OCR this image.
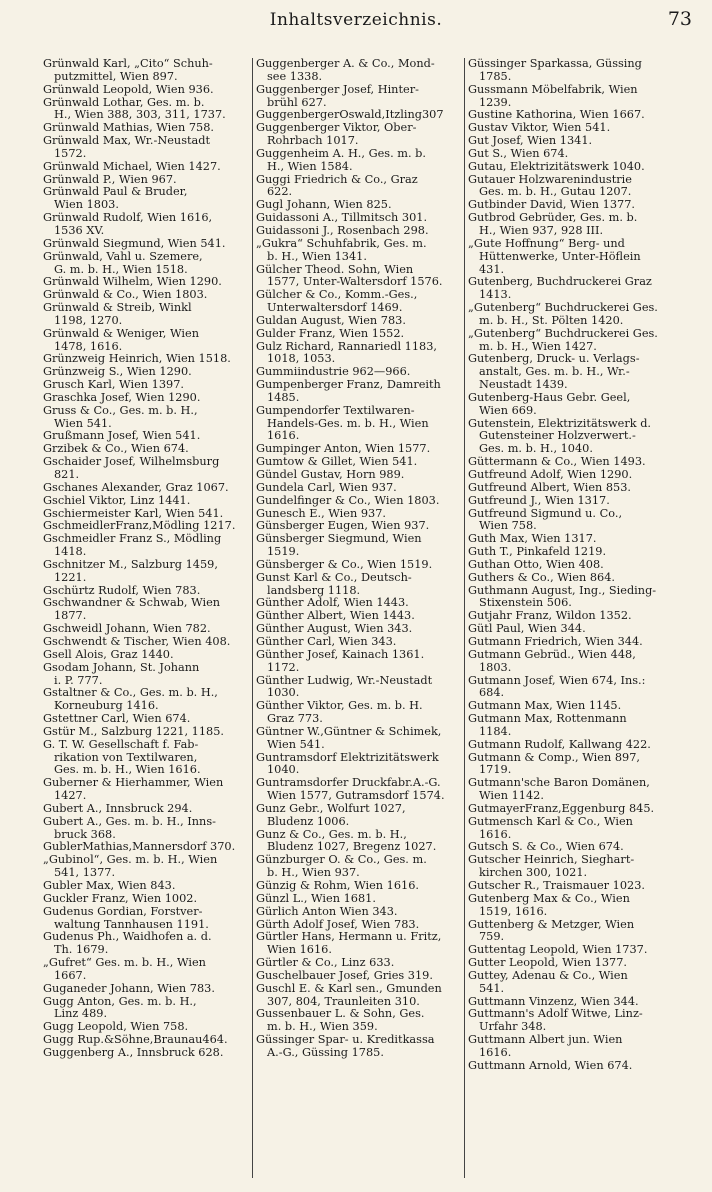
Inhaltsverzeichnis.	73

Grünwald Karl, „Cito“ Schuh-
putzmittel, Wien 897.

Grünwald Leopold, Wien 936.

Grünwald Lothar, Ges. m. b.
H., Wien 388, 303, 311, 1737.

Grünwald Mathias, Wien 758.

Grünwald Max, Wr.-Neustadt
1572.

Grünwald Michael, Wien 1427.

Grünwald P., Wien 967.

Grünwald Paul & Bruder,
Wien 1803.

Grünwald Rudolf, Wien 1616,
1536 XV.

Grünwald Siegmund, Wien 541.

Grünwald, Vahl u. Szemere,
G. m. b. H., Wien 1518.

Grünwald Wilhelm, Wien 1290.

Grünwald & Co., Wien 1803.

Grünwald & Streib, Winkl
1198, 1270.

Grünwald & Weniger, Wien
1478, 1616.

Grünzweig Heinrich, Wien 1518.

Grünzweig S., Wien 1290.

Grusch Karl, Wien 1397.

Graschka Josef, Wien 1290.

Gruss & Co., Ges. m. b. H.,
Wien 541.

Grußmann Josef, Wien 541.

Grzibek & Co., Wien 674.

Gschaider Josef, Wilhelmsburg
821.

Gschanes Alexander, Graz 1067.

Gschiel Viktor, Linz 1441.

Gschiermeister Karl, Wien 541.

GschmeidlerFranz,Mödling 1217.

Gschmeidler Franz S., Mödling
1418.

Gschnitzer M., Salzburg 1459,
1221.

Gschürtz Rudolf, Wien 783.

Gschwandner & Schwab, Wien
1877.

Gschweidl Johann, Wien 782.

Gschwendt & Tischer, Wien 408.

Gsell Alois, Graz 1440.

Gsodam Johann, St. Johann
i. P. 777.

Gstaltner & Co., Ges. m. b. H.,
Korneuburg 1416.

Gstettner Carl, Wien 674.

Gstür M., Salzburg 1221, 1185.

G. T. W. Gesellschaft f. Fab-
rikation von Textilwaren,
Ges. m. b. H., Wien 1616.

Guberner & Hierhammer, Wien
1427.

Gubert A., Innsbruck 294.

Gubert A., Ges. m. b. H., Inns-
bruck 368.

GublerMathias,Mannersdorf 370.

„Gubinol“, Ges. m. b. H., Wien
541, 1377.

Gubler Max, Wien 843.

Guckler Franz, Wien 1002.

Gudenus Gordian, Forstver-
waltung Tannhausen 1191.

Gudenus Ph., Waidhofen a. d.
Th. 1679.

„Gufret“ Ges. m. b. H., Wien
1667.

Guganeder Johann, Wien 783.

Gugg Anton, Ges. m. b. H.,
Linz 489.

Gugg Leopold, Wien 758.

Gugg Rup.&Söhne,Braunau464.

Guggenberg A., Innsbruck 628.

Guggenberger A. & Co., Mond-
see 1338.

Guggenberger Josef, Hinter-
brühl 627.

GuggenbergerOswald,Itzling307

Guggenberger Viktor, Ober-
Rohrbach 1017.

Guggenheim A. H., Ges. m. b.
H., Wien 1584.

Guggi Friedrich & Co., Graz
622.

Gugl Johann, Wien 825.

Guidassoni A., Tillmitsch 301.

Guidassoni J., Rosenbach 298.

„Gukra“ Schuhfabrik, Ges. m.
b. H., Wien 1341.

Gülcher Theod. Sohn, Wien
1577, Unter-Waltersdorf 1576.

Gülcher & Co., Komm.-Ges.,
Unterwaltersdorf 1469.

Guldan August, Wien 783.

Gulder Franz, Wien 1552.

Gulz Richard, Rannariedl 1183,
1018, 1053.

Gummiindustrie 962—966.

Gumpenberger Franz, Damreith
1485.

Gumpendorfer Textilwaren-
Handels-Ges. m. b. H., Wien
1616.

Gumpinger Anton, Wien 1577.

Gumtow & Gillet, Wien 541.

Gündel Gustav, Horn 989.

Gundela Carl, Wien 937.

Gundelfinger & Co., Wien 1803.

Gunesch E., Wien 937.

Günsberger Eugen, Wien 937.

Günsberger Siegmund, Wien
1519.

Günsberger & Co., Wien 1519.

Gunst Karl & Co., Deutsch-
landsberg 1118.

Günther Adolf, Wien 1443.

Günther Albert, Wien 1443.

Günther August, Wien 343.

Günther Carl, Wien 343.

Günther Josef, Kainach 1361.
1172.

Günther Ludwig, Wr.-Neustadt
1030.

Günther Viktor, Ges. m. b. H.
Graz 773.

Güntner W.,Güntner & Schimek,
Wien 541.

Guntramsdorf Elektrizitätswerk
1040.

Guntramsdorfer Druckfabr.A.-G.
Wien 1577, Gutramsdorf 1574.

Gunz Gebr., Wolfurt 1027,
Bludenz 1006.

Gunz & Co., Ges. m. b. H.,
Bludenz 1027, Bregenz 1027.

Günzburger O. & Co., Ges. m.
b. H., Wien 937.

Günzig & Rohm, Wien 1616.

Günzl L., Wien 1681.

Gürlich Anton Wien 343.

Gürth Adolf Josef, Wien 783.

Gürtler Hans, Hermann u. Fritz,
Wien 1616.

Gürtler & Co., Linz 633.

Guschelbauer Josef, Gries 319.

Guschl E. & Karl sen., Gmunden
307, 804, Traunleiten 310.

Gussenbauer L. & Sohn, Ges.
m. b. H., Wien 359.

Güssinger Spar- u. Kreditkassa
A.-G., Güssing 1785.

Güssinger Sparkassa, Güssing
1785.

Gussmann Möbelfabrik, Wien
1239.

Gustine Kathorina, Wien 1667.

Gustav Viktor, Wien 541.

Gut Josef, Wien 1341.

Gut S., Wien 674.

Gutau, Elektrizitätswerk 1040.

Gutauer Holzwarenindustrie
Ges. m. b. H., Gutau 1207.

Gutbinder David, Wien 1377.

Gutbrod Gebrüder, Ges. m. b.
H., Wien 937, 928 III.

„Gute Hoffnung“ Berg- und
Hüttenwerke, Unter-Höflein
431.

Gutenberg, Buchdruckerei Graz
1413.

„Gutenberg“ Buchdruckerei Ges.
m. b. H., St. Pölten 1420.

„Gutenberg“ Buchdruckerei Ges.
m. b. H., Wien 1427.

Gutenberg, Druck- u. Verlags-
anstalt, Ges. m. b. H., Wr.-
Neustadt 1439.

Gutenberg-Haus Gebr. Geel,
Wien 669.

Gutenstein, Elektrizitätswerk d.
Gutensteiner Holzverwert.-
Ges. m. b. H., 1040.

Güttermann & Co., Wien 1493.

Gutfreund Adolf, Wien 1290.

Gutfreund Albert, Wien 853.

Gutfreund J., Wien 1317.

Gutfreund Sigmund u. Co.,
Wien 758.

Guth Max, Wien 1317.

Guth T., Pinkafeld 1219.

Guthan Otto, Wien 408.

Guthers & Co., Wien 864.

Guthmann August, Ing., Sieding-
Stixenstein 506.

Gutjahr Franz, Wildon 1352.

Gütl Paul, Wien 344.

Gutmann Friedrich, Wien 344.

Gutmann Gebrüd., Wien 448,
1803.

Gutmann Josef, Wien 674, Ins.:
684.

Gutmann Max, Wien 1145.

Gutmann Max, Rottenmann
1184.

Gutmann Rudolf, Kallwang 422.

Gutmann & Comp., Wien 897,
1719.

Gutmann'sche Baron Domänen,
Wien 1142.

GutmayerFranz,Eggenburg 845.

Gutmensch Karl & Co., Wien
1616.

Gutsch S. & Co., Wien 674.

Gutscher Heinrich, Sieghart-
kirchen 300, 1021.

Gutscher R., Traismauer 1023.

Gutenberg Max & Co., Wien
1519, 1616.

Guttenberg & Metzger, Wien
759.

Guttentag Leopold, Wien 1737.

Gutter Leopold, Wien 1377.

Guttey, Adenau & Co., Wien
541.

Guttmann Vinzenz, Wien 344.

Guttmann's Adolf Witwe, Linz-
Urfahr 348.

Guttmann Albert jun. Wien
1616.

Guttmann Arnold, Wien 674.
